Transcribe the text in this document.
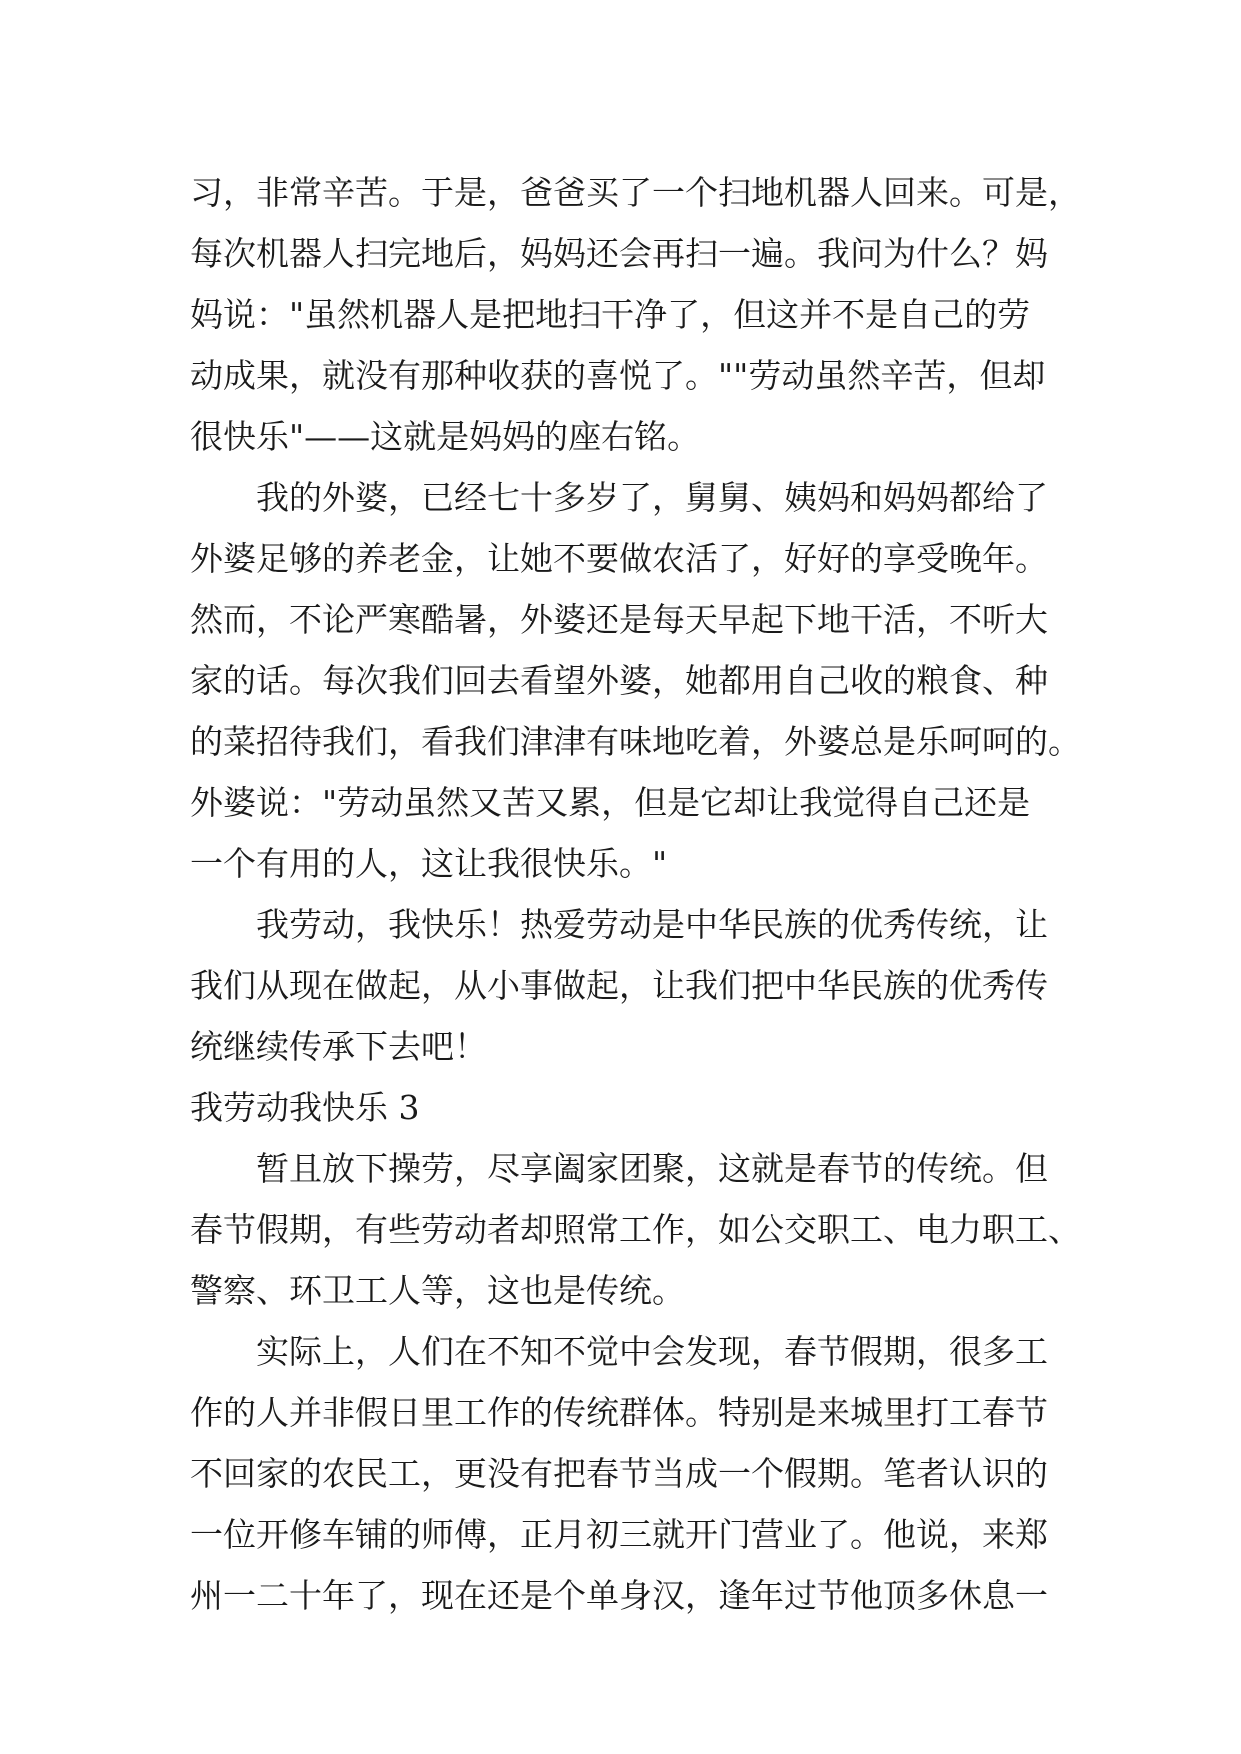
习，非常辛苦。于是，爸爸买了一个扫地机器人回来。可是，
每次机器人扫完地后，妈妈还会再扫一遍。我问为什么？妈
妈说："虽然机器人是把地扫干净了，但这并不是自己的劳
动成果，就没有那种收获的喜悦了。""劳动虽然辛苦，但却
很快乐"——这就是妈妈的座右铭。

我的外婆，已经七十多岁了，舅舅、姨妈和妈妈都给了
外婆足够的养老金，让她不要做农活了，好好的享受晚年。
然而，不论严寒酷暑，外婆还是每天早起下地干活，不听大
家的话。每次我们回去看望外婆，她都用自己收的粮食、种
的菜招待我们，看我们津津有味地吃着，外婆总是乐呵呵的。
外婆说："劳动虽然又苦又累，但是它却让我觉得自己还是
一个有用的人，这让我很快乐。"

我劳动，我快乐！热爱劳动是中华民族的优秀传统，让
我们从现在做起，从小事做起，让我们把中华民族的优秀传
统继续传承下去吧！

我劳动我快乐 3

暂且放下操劳，尽享阖家团聚，这就是春节的传统。但
春节假期，有些劳动者却照常工作，如公交职工、电力职工、
警察、环卫工人等，这也是传统。

实际上，人们在不知不觉中会发现，春节假期，很多工
作的人并非假日里工作的传统群体。特别是来城里打工春节
不回家的农民工，更没有把春节当成一个假期。笔者认识的
一位开修车铺的师傅，正月初三就开门营业了。他说，来郑
州一二十年了，现在还是个单身汉，逢年过节他顶多休息一
